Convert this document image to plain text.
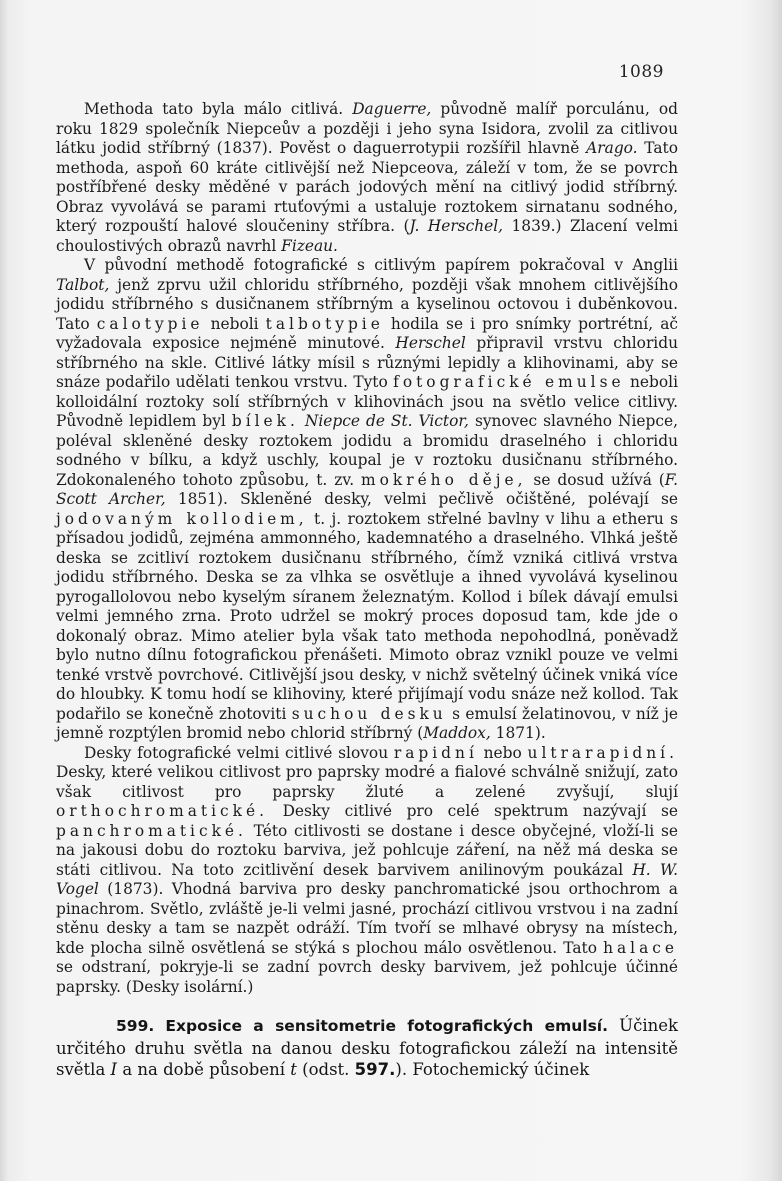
1089

Methoda tato byla málo citlivá. Daguerre, původně malíř porculánu, od roku 1829 společník Niepceův a později i jeho syna Isidora, zvolil za citlivou látku jodid stříbrný (1837). Pověst o daguerrotypii rozšířil hlavně Arago. Tato methoda, aspoň 60 kráte citlivější než Niepceova, záleží v tom, že se povrch postříbřené desky měděné v parách jodových mění na citlivý jodid stříbrný. Obraz vyvolává se parami rtuťovými a ustaluje roztokem sirnatanu sodného, který rozpouští halové sloučeniny stříbra. (J. Herschel, 1839.) Zlacení velmi choulostivých obrazů navrhl Fizeau.

V původní methodě fotografické s citlivým papírem pokračoval v Anglii Talbot, jenž zprvu užil chloridu stříbrného, později však mnohem citlivějšího jodidu stříbrného s dusičnanem stříbrným a kyselinou octovou i duběnkovou. Tato calotypie neboli talbotypie hodila se i pro snímky portrétní, ač vyžadovala exposice nejméně minutové. Herschel připravil vrstvu chloridu stříbrného na skle. Citlivé látky mísil s různými lepidly a klihovinami, aby se snáze podařilo udělati tenkou vrstvu. Tyto fotografické emulse neboli kolloidální roztoky solí stříbrných v klihovinách jsou na světlo velice citlivy. Původně lepidlem byl bílek. Niepce de St. Victor, synovec slavného Niepce, poléval skleněné desky roztokem jodidu a bromidu draselného i chloridu sodného v bílku, a když uschly, koupal je v roztoku dusičnanu stříbrného. Zdokonaleného tohoto způsobu, t. zv. mokrého děje, se dosud užívá (F. Scott Archer, 1851). Skleněné desky, velmi pečlivě očištěné, polévají se jodovaným kollodiem, t. j. roztokem střelné bavlny v lihu a etheru s přísadou jodidů, zejména ammonného, kademnatého a draselného. Vlhká ještě deska se zcitliví roztokem dusičnanu stříbrného, čímž vzniká citlivá vrstva jodidu stříbrného. Deska se za vlhka se osvětluje a ihned vyvolává kyselinou pyrogallolovou nebo kyselým síranem železnatým. Kollod i bílek dávají emulsi velmi jemného zrna. Proto udržel se mokrý proces doposud tam, kde jde o dokonalý obraz. Mimo atelier byla však tato methoda nepohodlná, poněvadž bylo nutno dílnu fotografickou přenášeti. Mimoto obraz vznikl pouze ve velmi tenké vrstvě povrchové. Citlivější jsou desky, v nichž světelný účinek vniká více do hloubky. K tomu hodí se klihoviny, které přijímají vodu snáze než kollod. Tak podařilo se konečně zhotoviti suchou desku s emulsí želatinovou, v níž je jemně rozptýlen bromid nebo chlorid stříbrný (Maddox, 1871).

Desky fotografické velmi citlivé slovou rapidní nebo ultrarapidní. Desky, které velikou citlivost pro paprsky modré a fialové schválně snižují, zato však citlivost pro paprsky žluté a zelené zvyšují, slují orthochromatické. Desky citlivé pro celé spektrum nazývají se panchromatické. Této citlivosti se dostane i desce obyčejné, vloží-li se na jakousi dobu do roztoku barviva, jež pohlcuje záření, na něž má deska se státi citlivou. Na toto zcitlivění desek barvivem anilinovým poukázal H. W. Vogel (1873). Vhodná barviva pro desky panchromatické jsou orthochrom a pinachrom. Světlo, zvláště je-li velmi jasné, prochází citlivou vrstvou i na zadní stěnu desky a tam se nazpět odráží. Tím tvoří se mlhavé obrysy na místech, kde plocha silně osvětlená se stýká s plochou málo osvětlenou. Tato halace se odstraní, pokryje-li se zadní povrch desky barvivem, jež pohlcuje účinné paprsky. (Desky isolární.)

599. Exposice a sensitometrie fotografických emulsí. Účinek určitého druhu světla na danou desku fotografickou záleží na intensitě světla I a na době působení t (odst. 597.). Fotochemický účinek
